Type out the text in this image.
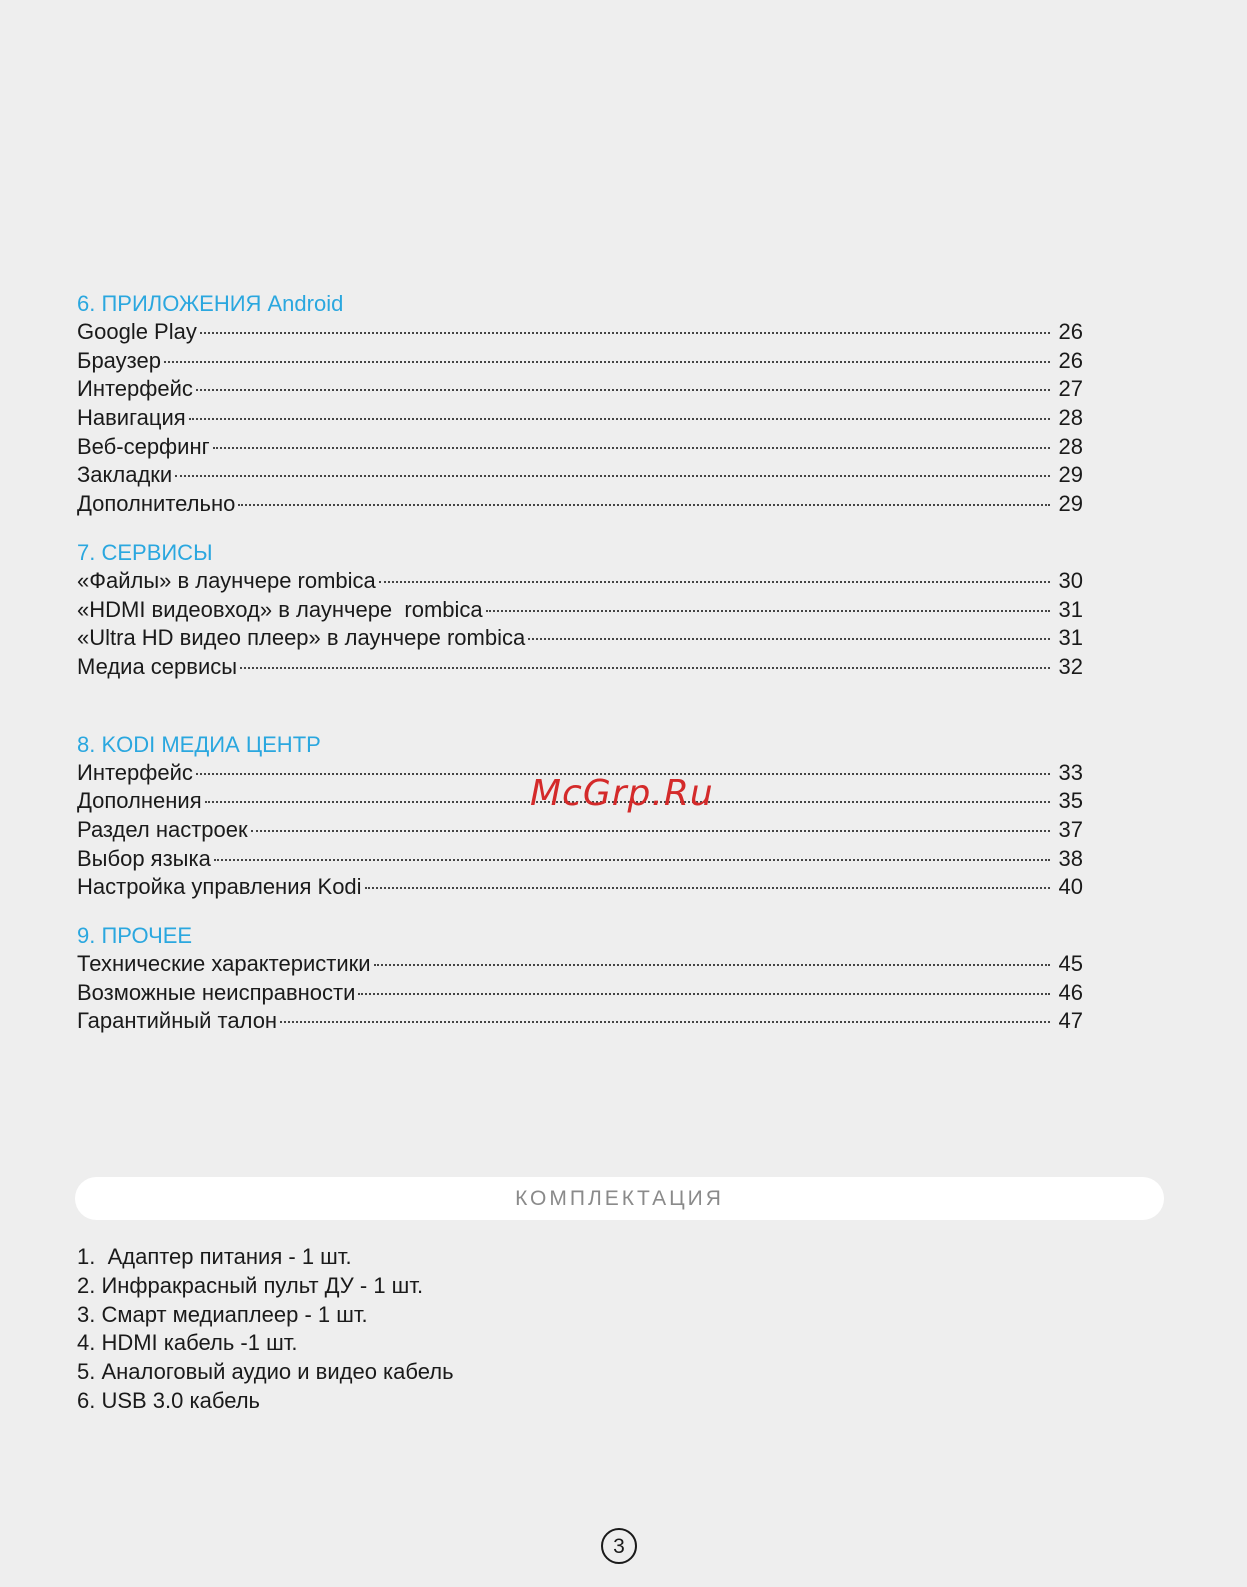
6. ПРИЛОЖЕНИЯ Android
Google Play	26
Браузер	26
Интерфейс	27
Навигация	28
Веб-серфинг	28
Закладки	29
Дополнительно	29
7. СЕРВИСЫ
«Файлы» в лаунчере rombica	30
«HDMI видеовход» в лаунчере  rombica	31
«Ultra HD видео плеер» в лаунчере rombica	31
Медиа сервисы	32
8. KODI МЕДИА ЦЕНТР
Интерфейс	33
Дополнения	35
Раздел настроек	37
Выбор языка	38
Настройка управления Kodi	40
9. ПРОЧЕЕ
Технические характеристики	45
Возможные неисправности	46
Гарантийный талон	47
McGrp.Ru
КОМПЛЕКТАЦИЯ
1.  Адаптер питания - 1 шт.
2. Инфракрасный пульт ДУ - 1 шт.
3. Смарт медиаплеер - 1 шт.
4. HDMI кабель -1 шт.
5. Аналоговый аудио и видео кабель
6. USB 3.0 кабель
3
